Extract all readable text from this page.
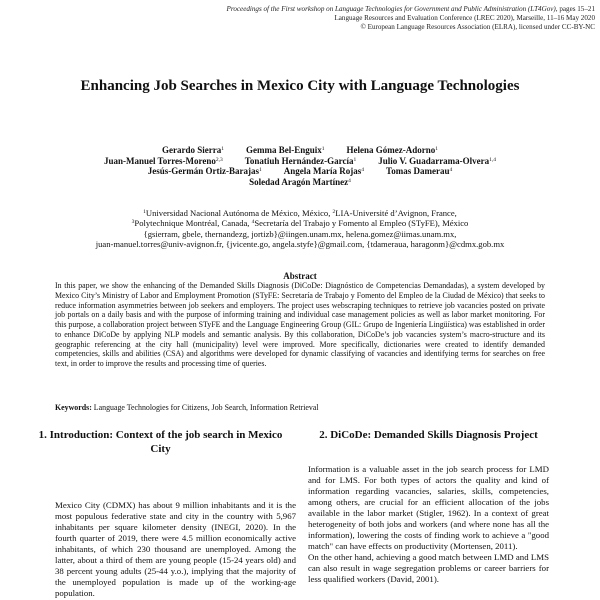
Proceedings of the First workshop on Language Technologies for Government and Public Administration (LT4Gov), pages 15–21
Language Resources and Evaluation Conference (LREC 2020), Marseille, 11–16 May 2020
© European Language Resources Association (ELRA), licensed under CC-BY-NC
Enhancing Job Searches in Mexico City with Language Technologies
Gerardo Sierra$^1$ Gemma Bel-Enguix$^1$ Helena Gómez-Adorno$^1$
Juan-Manuel Torres-Moreno$^{2,3}$ Tonatiuh Hernández-García$^1$ Julio V. Guadarrama-Olvera$^{1,4}$
Jesús-Germán Ortiz-Barajas$^1$ Angela María Rojas$^4$ Tomas Damerau$^4$
Soledad Aragón Martínez$^4$
$^1$Universidad Nacional Autónoma de México, México, $^2$LIA-Université d’Avignon, France,
$^3$Polytechnique Montréal, Canada, $^4$Secretaría del Trabajo y Fomento al Empleo (STyFE), México
{gsierram, gbele, thernandezg, jortizb}@iingen.unam.mx, helena.gomez@iimas.unam.mx,
juan-manuel.torres@univ-avignon.fr, {jvicente.go, angela.styfe}@gmail.com, {tdameraua, haragonm}@cdmx.gob.mx
Abstract

In this paper, we show the enhancing of the Demanded Skills Diagnosis (DiCoDe: Diagnóstico de Competencias Demandadas), a system developed by Mexico City’s Ministry of Labor and Employment Promotion (STyFE: Secretaría de Trabajo y Fomento del Empleo de la Ciudad de México) that seeks to reduce information asymmetries between job seekers and employers. The project uses webscraping techniques to retrieve job vacancies posted on private job portals on a daily basis and with the purpose of informing training and individual case management policies as well as labor market monitoring. For this purpose, a collaboration project between STyFE and the Language Engineering Group (GIL: Grupo de Ingeniería Lingüística) was established in order to enhance DiCoDe by applying NLP models and semantic analysis. By this collaboration, DiCoDe’s job vacancies system’s macro-structure and its geographic referencing at the city hall (municipality) level were improved. More specifically, dictionaries were created to identify demanded competencies, skills and abilities (CSA) and algorithms were developed for dynamic classifying of vacancies and identifying terms for searches on free text, in order to improve the results and processing time of queries.

Keywords: Language Technologies for Citizens, Job Search, Information Retrieval
1. Introduction: Context of the job search in Mexico City

Mexico City (CDMX) has about 9 million inhabitants and it is the most populous federative state and city in the country with 5,967 inhabitants per square kilometer density (INEGI, 2020). In the fourth quarter of 2019, there were 4.5 million economically active inhabitants, of which 230 thousand are unemployed. Among the latter, about a third of them are young people (15-24 years old) and 38 percent young adults (25-44 y.o.), implying that the majority of the unemployed population is made up of the working-age population.

2. DiCoDe: Demanded Skills Diagnosis Project

Information is a valuable asset in the job search process for LMD and for LMS. For both types of actors the quality and kind of information regarding vacancies, salaries, skills, competencies, among others, are crucial for an efficient allocation of the jobs available in the labor market (Stigler, 1962). In a context of great heterogeneity of both jobs and workers (and where none has all the information), lowering the costs of finding work to achieve a "good match" can have effects on productivity (Mortensen, 2011).

On the other hand, achieving a good match between LMD and LMS can also result in wage segregation problems or career barriers for less qualified workers (David, 2001).
